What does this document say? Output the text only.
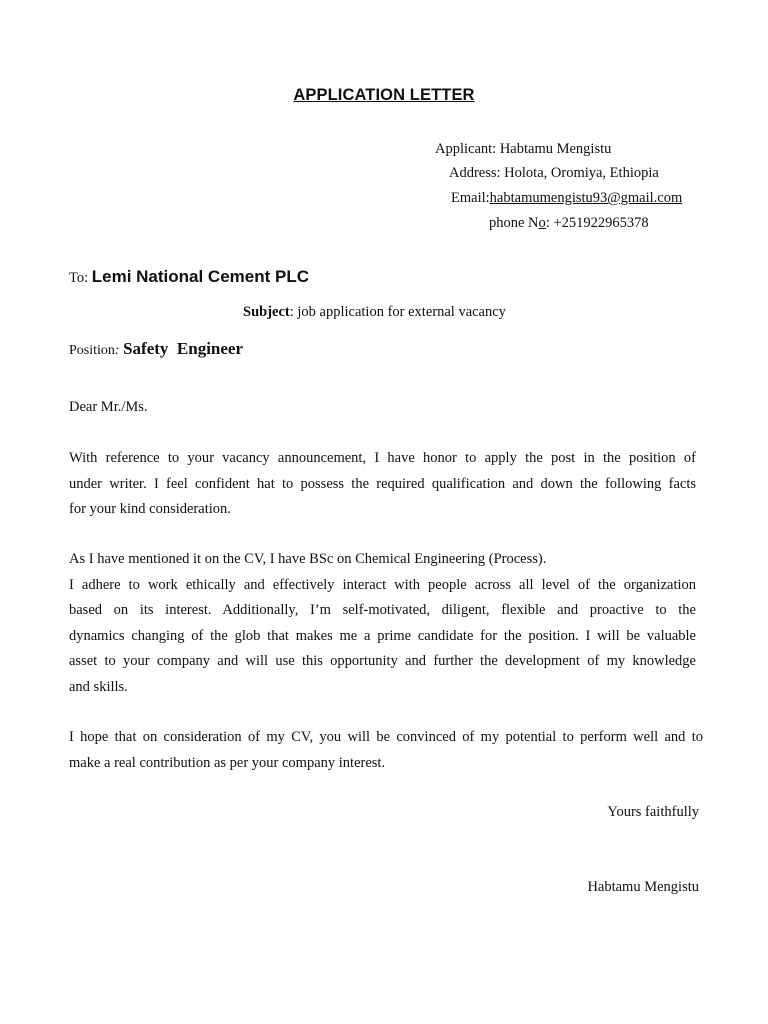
APPLICATION LETTER
Applicant: Habtamu Mengistu
Address: Holota, Oromiya, Ethiopia
Email:habtamumengistu93@gmail.com
phone No: +251922965378
To: Lemi National Cement PLC
Subject: job application for external vacancy
Position: Safety  Engineer
Dear Mr./Ms.
With reference to your vacancy announcement, I have honor to apply the post in the position of
under writer. I feel confident hat to possess the required qualification and down the following facts
for your kind consideration.
As I have mentioned it on the CV, I have BSc on Chemical Engineering (Process).
I adhere to work ethically and effectively interact with people across all level of the organization
based on its interest. Additionally, I’m self-motivated, diligent, flexible and proactive to the
dynamics changing of the glob that makes me a prime candidate for the position. I will be valuable
asset to your company and will use this opportunity and further the development of my knowledge
and skills.
I hope that on consideration of my CV, you will be convinced of my potential to perform well and to
make a real contribution as per your company interest.
Yours faithfully
Habtamu Mengistu
